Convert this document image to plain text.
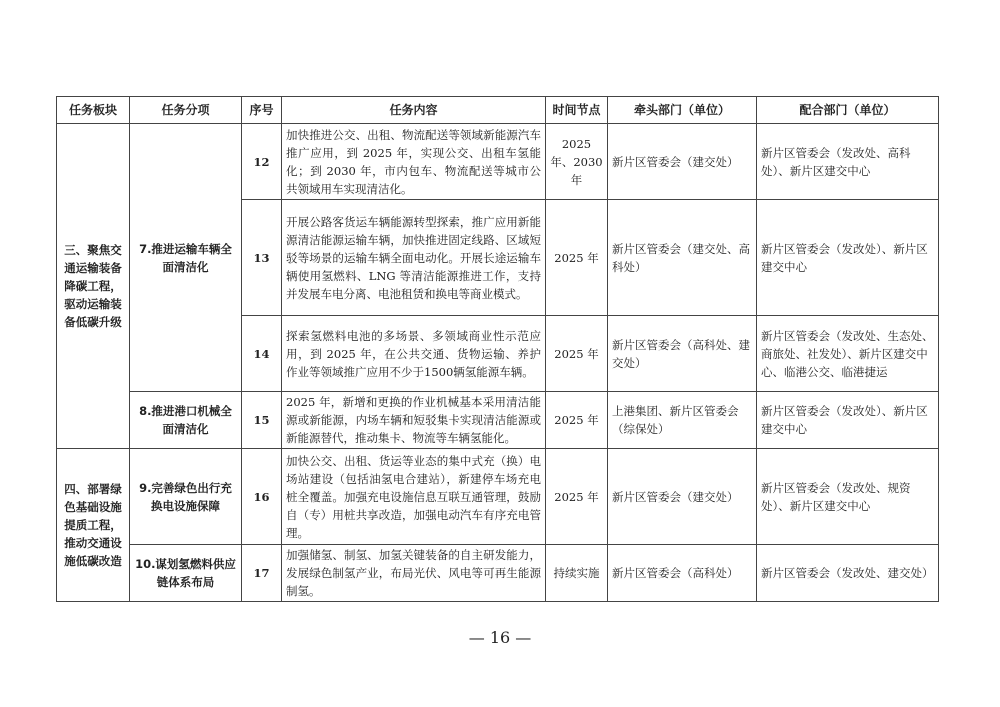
任务板块	任务分项	序号	任务内容	时间节点	牵头部门（单位）	配合部门（单位）
三、聚焦交通运输装备降碳工程，驱动运输装备低碳升级	7.推进运输车辆全面清洁化	12	加快推进公交、出租、物流配送等领域新能源汽车推广应用，到 2025 年，实现公交、出租车氢能化；到 2030 年，市内包车、物流配送等城市公共领域用车实现清洁化。	2025 年、2030 年	新片区管委会（建交处）	新片区管委会（发改处、高科处）、新片区建交中心
		13	开展公路客货运车辆能源转型探索，推广应用新能源清洁能源运输车辆，加快推进固定线路、区域短驳等场景的运输车辆全面电动化。开展长途运输车辆使用氢燃料、LNG 等清洁能源推进工作，支持并发展车电分离、电池租赁和换电等商业模式。	2025 年	新片区管委会（建交处、高科处）	新片区管委会（发改处）、新片区建交中心
		14	探索氢燃料电池的多场景、多领域商业性示范应用，到 2025 年，在公共交通、货物运输、养护作业等领域推广应用不少于1500辆氢能源车辆。	2025 年	新片区管委会（高科处、建交处）	新片区管委会（发改处、生态处、商旅处、社发处）、新片区建交中心、临港公交、临港捷运
	8.推进港口机械全面清洁化	15	2025 年，新增和更换的作业机械基本采用清洁能源或新能源，内场车辆和短驳集卡实现清洁能源或新能源替代，推动集卡、物流等车辆氢能化。	2025 年	上港集团、新片区管委会（综保处）	新片区管委会（发改处）、新片区建交中心
四、部署绿色基础设施提质工程，推动交通设施低碳改造	9.完善绿色出行充换电设施保障	16	加快公交、出租、货运等业态的集中式充（换）电场站建设（包括油氢电合建站），新建停车场充电桩全覆盖。加强充电设施信息互联互通管理，鼓励自（专）用桩共享改造，加强电动汽车有序充电管理。	2025 年	新片区管委会（建交处）	新片区管委会（发改处、规资处）、新片区建交中心
	10.谋划氢燃料供应链体系布局	17	加强储氢、制氢、加氢关键装备的自主研发能力，发展绿色制氢产业，布局光伏、风电等可再生能源制氢。	持续实施	新片区管委会（高科处）	新片区管委会（发改处、建交处）
— 16 —
